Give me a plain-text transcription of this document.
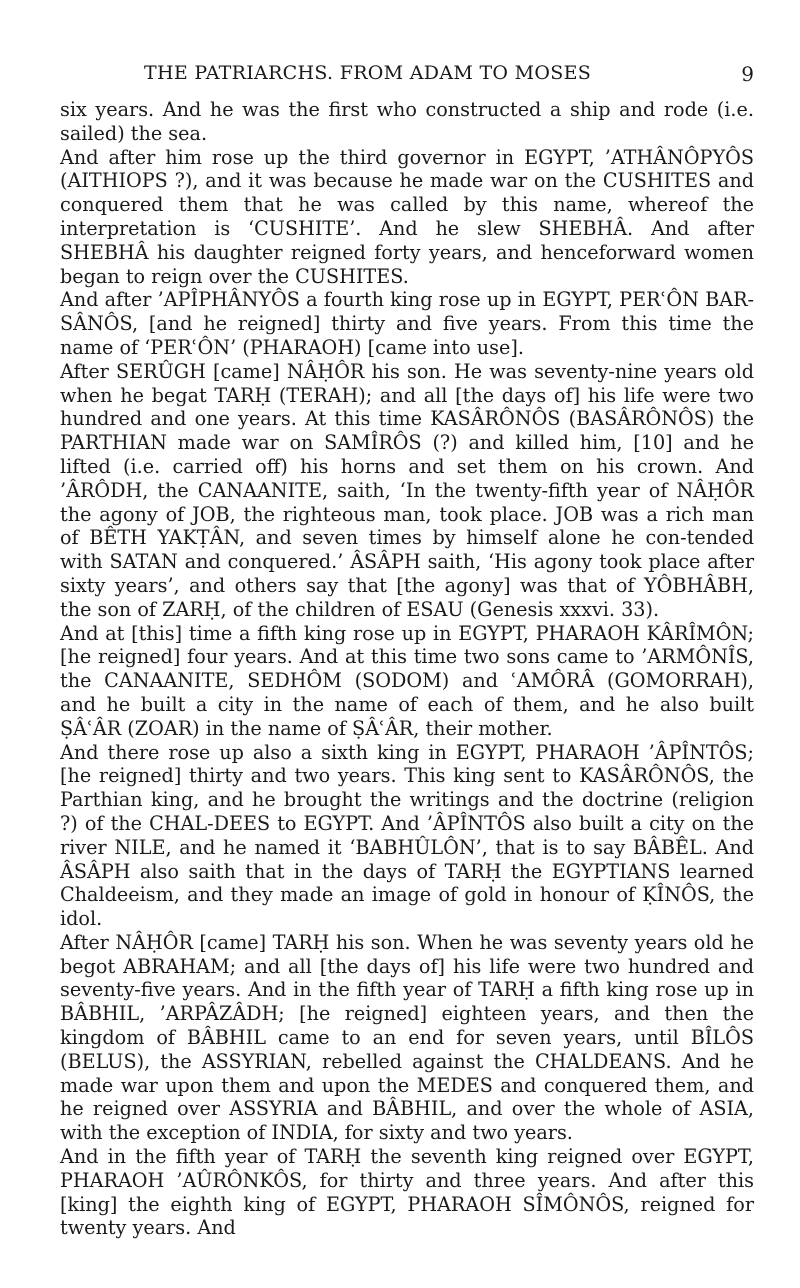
THE PATRIARCHS. FROM ADAM TO MOSES	9

six years. And he was the first who constructed a ship and rode (i.e. sailed) the sea.

And after him rose up the third governor in EGYPT, ’ATHÂNÔPYÔS (AITHIOPS ?), and it was because he made war on the CUSHITES and conquered them that he was called by this name, whereof the interpretation is ‘CUSHITE’. And he slew SHEBHÂ. And after SHEBHÂ his daughter reigned forty years, and henceforward women began to reign over the CUSHITES.

And after ’APÎPHÂNYÔS a fourth king rose up in EGYPT, PERʿÔN BAR-SÂNÔS, [and he reigned] thirty and five years. From this time the name of ‘PERʿÔN’ (PHARAOH) [came into use].

After SERÛGH [came] NÂḤÔR his son. He was seventy-nine years old when he begat TARḤ (TERAH); and all [the days of] his life were two hundred and one years. At this time KASÂRÔNÔS (BASÂRÔNÔS) the PARTHIAN made war on SAMÎRÔS (?) and killed him, [10] and he lifted (i.e. carried off) his horns and set them on his crown. And ’ÂRÔDH, the CANAANITE, saith, ‘In the twenty-fifth year of NÂḤÔR the agony of JOB, the righteous man, took place. JOB was a rich man of BÊTH YAKṬÂN, and seven times by himself alone he con-tended with SATAN and conquered.’ ÂSÂPH saith, ‘His agony took place after sixty years’, and others say that [the agony] was that of YÔBHÂBH, the son of ZARḤ, of the children of ESAU (Genesis xxxvi. 33).

And at [this] time a fifth king rose up in EGYPT, PHARAOH KÂRÎMÔN; [he reigned] four years. And at this time two sons came to ’ARMÔNÎS, the CANAANITE, SEDHÔM (SODOM) and ʿAMÔRÂ (GOMORRAH), and he built a city in the name of each of them, and he also built ṢÂʿÂR (ZOAR) in the name of ṢÂʿÂR, their mother.

And there rose up also a sixth king in EGYPT, PHARAOH ’ÂPÎNTÔS; [he reigned] thirty and two years. This king sent to KASÂRÔNÔS, the Parthian king, and he brought the writings and the doctrine (religion ?) of the CHAL-DEES to EGYPT. And ’ÂPÎNTÔS also built a city on the river NILE, and he named it ‘BABHÛLÔN’, that is to say BÂBÊL. And ÂSÂPH also saith that in the days of TARḤ the EGYPTIANS learned Chaldeeism, and they made an image of gold in honour of ḲÎNÔS, the idol.

After NÂḤÔR [came] TARḤ his son. When he was seventy years old he begot ABRAHAM; and all [the days of] his life were two hundred and seventy-five years. And in the fifth year of TARḤ a fifth king rose up in BÂBHIL, ’ARPÂZÂDH; [he reigned] eighteen years, and then the kingdom of BÂBHIL came to an end for seven years, until BÎLÔS (BELUS), the ASSYRIAN, rebelled against the CHALDEANS. And he made war upon them and upon the MEDES and conquered them, and he reigned over ASSYRIA and BÂBHIL, and over the whole of ASIA, with the exception of INDIA, for sixty and two years.

And in the fifth year of TARḤ the seventh king reigned over EGYPT, PHARAOH ’AÛRÔNKÔS, for thirty and three years. And after this [king] the eighth king of EGYPT, PHARAOH SÎMÔNÔS, reigned for twenty years. And
